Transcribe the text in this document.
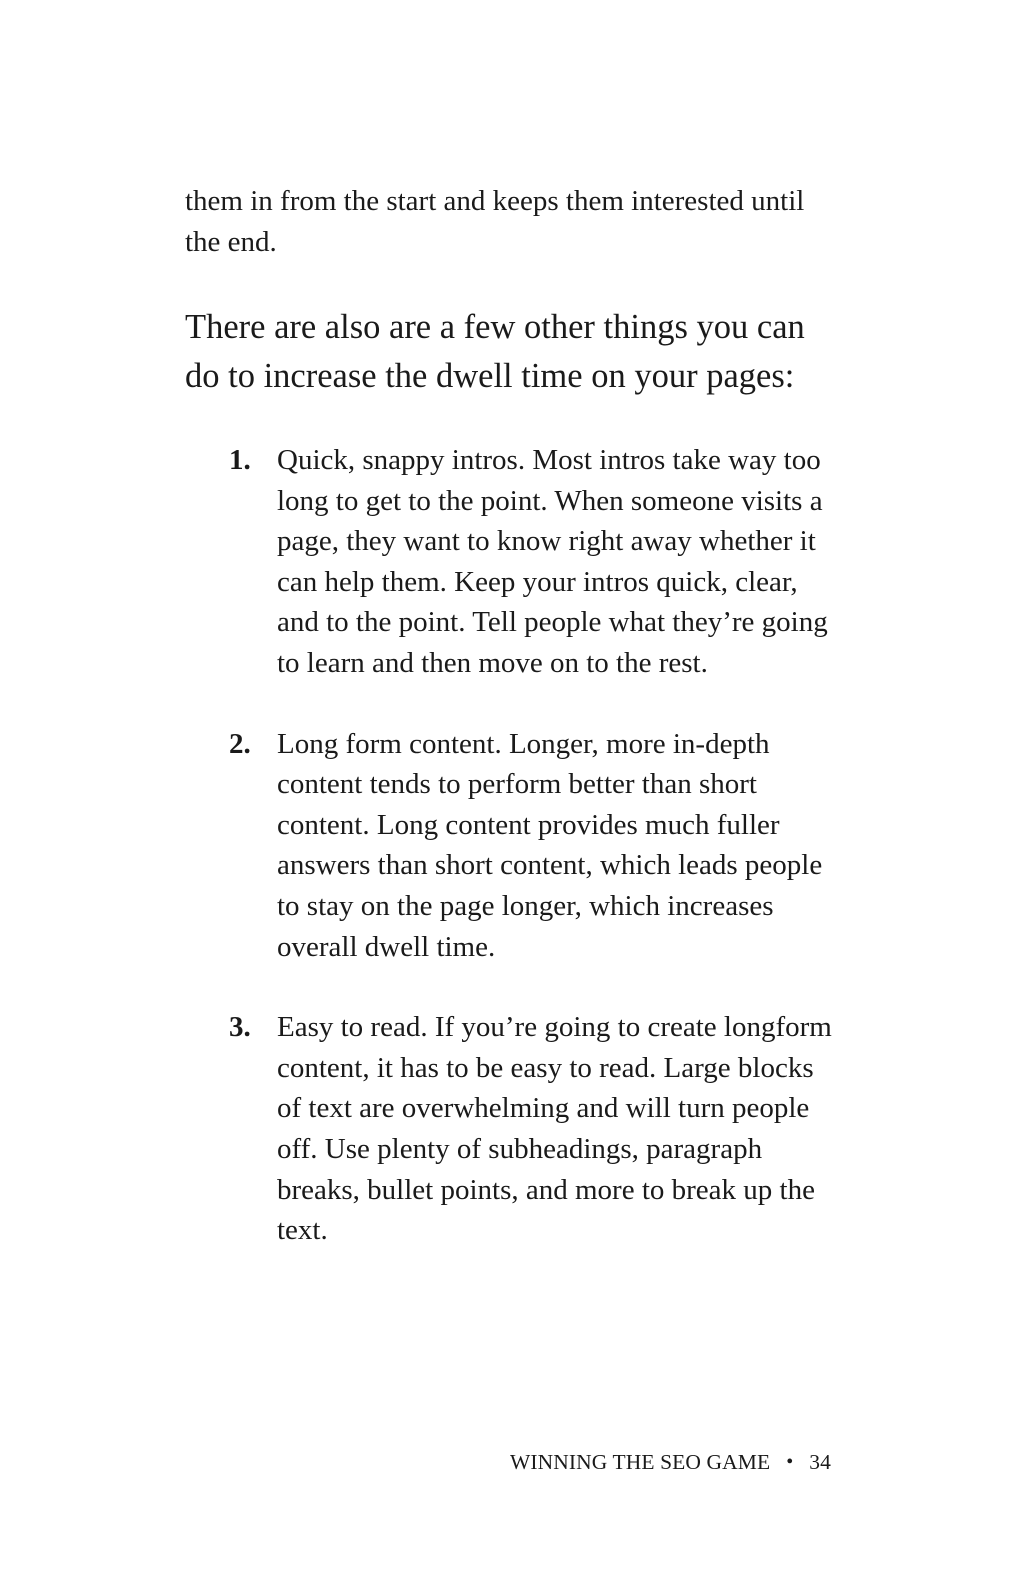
them in from the start and keeps them interested until the end.
There are also are a few other things you can do to increase the dwell time on your pages:
1. Quick, snappy intros. Most intros take way too long to get to the point. When someone visits a page, they want to know right away whether it can help them. Keep your intros quick, clear, and to the point. Tell people what they’re going to learn and then move on to the rest.
2. Long form content. Longer, more in-depth content tends to perform better than short content. Long content provides much fuller answers than short content, which leads people to stay on the page longer, which increases overall dwell time.
3. Easy to read. If you’re going to create longform content, it has to be easy to read. Large blocks of text are overwhelming and will turn people off. Use plenty of subheadings, paragraph breaks, bullet points, and more to break up the text.
WINNING THE SEO GAME • 34
